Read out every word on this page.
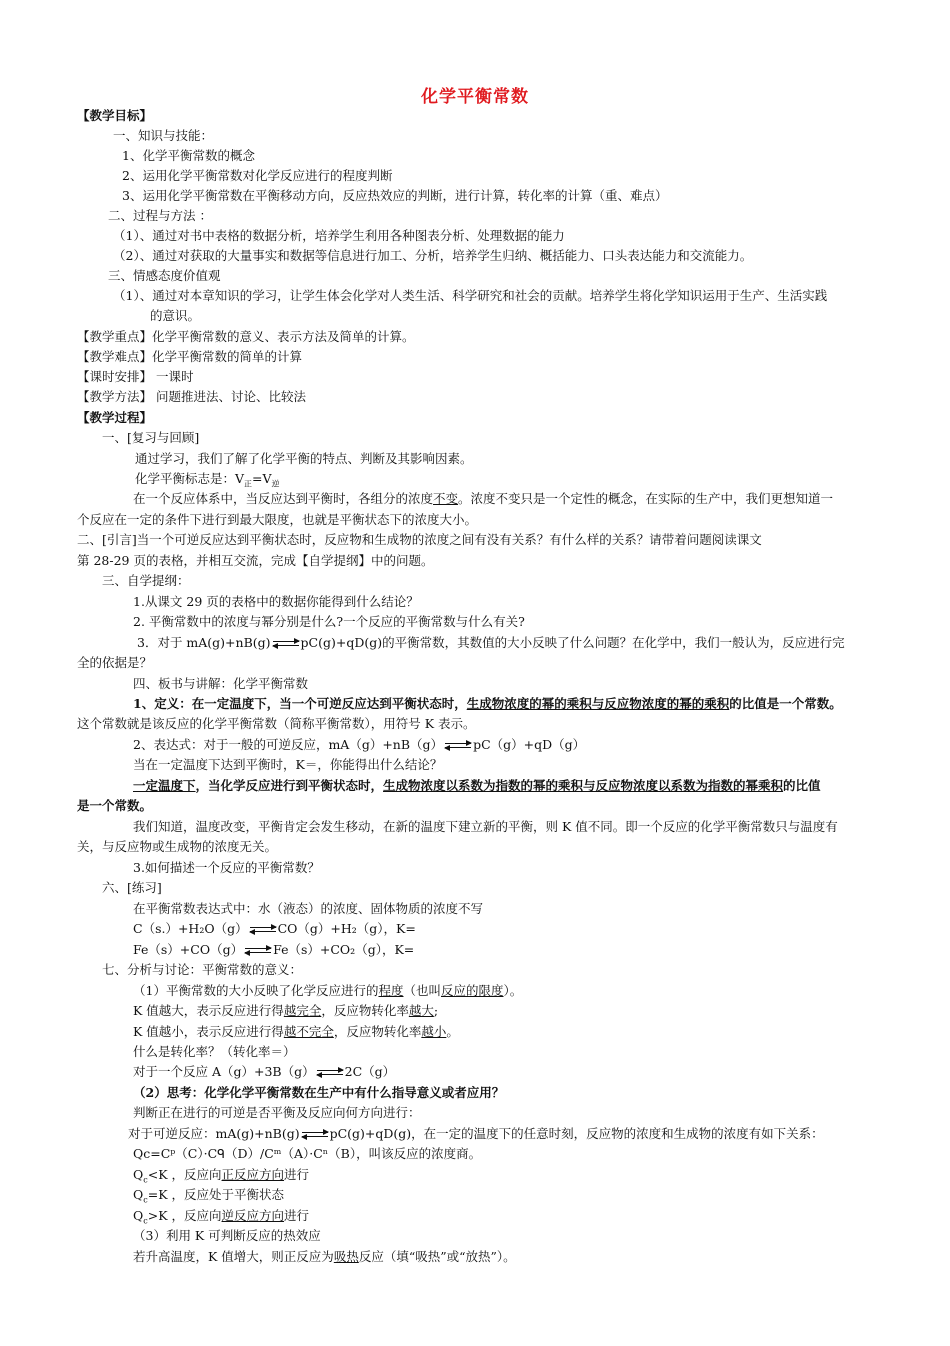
化学平衡常数
【教学目标】
一、知识与技能：
1、化学平衡常数的概念
2、运用化学平衡常数对化学反应进行的程度判断
3、运用化学平衡常数在平衡移动方向，反应热效应的判断，进行计算，转化率的计算（重、难点）
二、过程与方法 ：
（1）、通过对书中表格的数据分析，培养学生利用各种图表分析、处理数据的能力
（2）、通过对获取的大量事实和数据等信息进行加工、分析，培养学生归纳、概括能力、口头表达能力和交流能力。
三、情感态度价值观
（1）、通过对本章知识的学习，让学生体会化学对人类生活、科学研究和社会的贡献。培养学生将化学知识运用于生产、生活实践
的意识。
【教学重点】化学平衡常数的意义、表示方法及简单的计算。
【教学难点】化学平衡常数的简单的计算
【课时安排】 一课时
【教学方法】 问题推进法、讨论、比较法
【教学过程】
一、[复习与回顾]
通过学习，我们了解了化学平衡的特点、判断及其影响因素。
化学平衡标志是：$V_正=V_逆$
在一个反应体系中，当反应达到平衡时，各组分的浓度不变。浓度不变只是一个定性的概念，在实际的生产中，我们更想知道一
个反应在一定的条件下进行到最大限度，也就是平衡状态下的浓度大小。
二、[引言]当一个可逆反应达到平衡状态时，反应物和生成物的浓度之间有没有关系？有什么样的关系？请带着问题阅读课文
第 28-29 页的表格，并相互交流，完成【自学提纲】中的问题。
三、自学提纲：
1.从课文 29 页的表格中的数据你能得到什么结论？
2. 平衡常数中的浓度与幂分别是什么?一个反应的平衡常数与什么有关?
3．对于 mA(g)+nB(g) pC(g)+qD(g)的平衡常数，其数值的大小反映了什么问题？在化学中，我们一般认为，反应进行完
全的依据是？
四、板书与讲解：化学平衡常数
1、定义：在一定温度下，当一个可逆反应达到平衡状态时，生成物浓度的幂的乘积与反应物浓度的幂的乘积的比值是一个常数。
这个常数就是该反应的化学平衡常数（简称平衡常数），用符号 K 表示。
2、表达式：对于一般的可逆反应，mA（g）+nB（g） pC（g）+qD（g）
当在一定温度下达到平衡时，K＝，你能得出什么结论？
一定温度下，当化学反应进行到平衡状态时，生成物浓度以系数为指数的幂的乘积与反应物浓度以系数为指数的幂乘积的比值
是一个常数。
我们知道，温度改变，平衡肯定会发生移动，在新的温度下建立新的平衡，则 K 值不同。即一个反应的化学平衡常数只与温度有
关，与反应物或生成物的浓度无关。
3.如何描述一个反应的平衡常数？
六、[练习]
在平衡常数表达式中：水（液态）的浓度、固体物质的浓度不写
C（s.）+H₂O（g） CO（g）+H₂（g），K=
Fe（s）+CO（g） Fe（s）+CO₂（g），K=
七、分析与讨论：平衡常数的意义：
（1）平衡常数的大小反映了化学反应进行的程度（也叫反应的限度）。
K 值越大，表示反应进行得越完全，反应物转化率越大;
K 值越小，表示反应进行得越不完全，反应物转化率越小。
什么是转化率？（转化率＝）
对于一个反应 A（g）+3B（g） 2C（g）
（2）思考：化学化学平衡常数在生产中有什么指导意义或者应用？
判断正在进行的可逆是否平衡及反应向何方向进行：
对于可逆反应：mA(g)+nB(g) pC(g)+qD(g)，在一定的温度下的任意时刻，反应物的浓度和生成物的浓度有如下关系：
Qc=Cᵖ（C）·Cᑫ（D）/Cᵐ（A）·Cⁿ（B），叫该反应的浓度商。
$Q_c<K$ ，反应向正反应方向进行
$Q_c=K$ ，反应处于平衡状态
$Q_c>K$ ，反应向逆反应方向进行
（3）利用 K 可判断反应的热效应
若升高温度，K 值增大，则正反应为吸热反应（填“吸热”或“放热”）。
